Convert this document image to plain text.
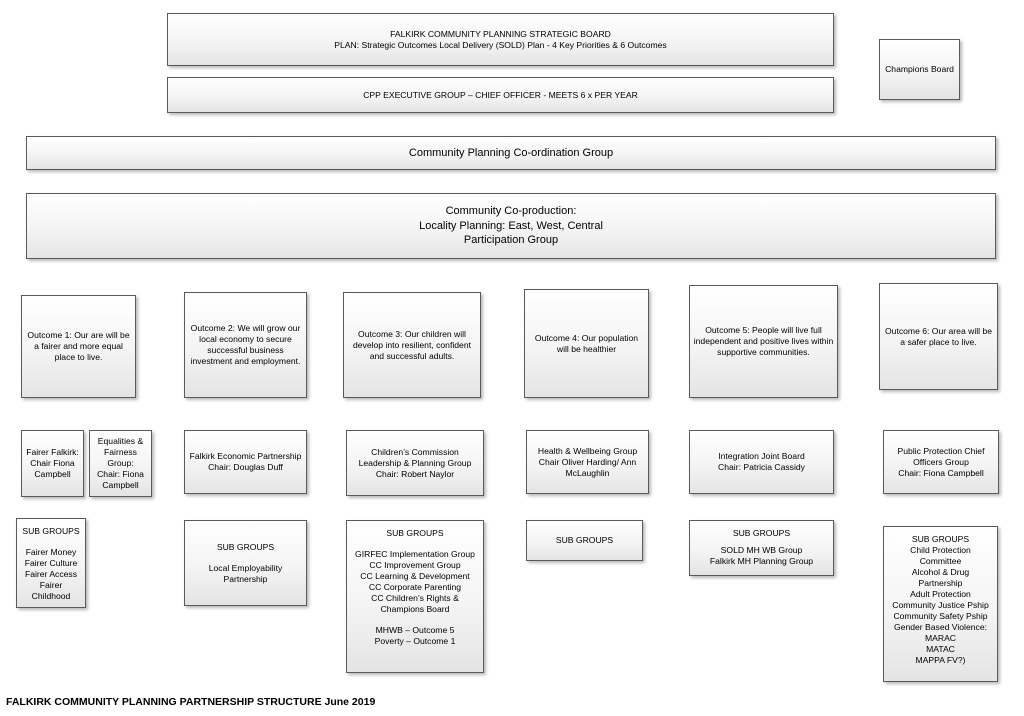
FALKIRK COMMUNITY PLANNING STRATEGIC BOARD
PLAN: Strategic Outcomes Local Delivery (SOLD) Plan - 4 Key Priorities & 6 Outcomes
Champions Board
CPP EXECUTIVE GROUP – CHIEF OFFICER - MEETS 6 x PER YEAR
Community Planning Co-ordination Group
Community Co-production:
Locality Planning: East, West, Central
Participation Group
Outcome 1: Our are will be a fairer and more equal place to live.
Outcome 2: We will grow our local economy to secure successful business investment and employment.
Outcome 3: Our children will develop into resilient, confident and successful adults.
Outcome 4: Our population will be healthier
Outcome 5: People will live full independent and positive lives within supportive communities.
Outcome 6: Our area will be a safer place to live.
Fairer Falkirk:
Chair Fiona
Campbell
Equalities &
Fairness
Group:
Chair: Fiona
Campbell
Falkirk Economic Partnership
Chair: Douglas Duff
Children’s Commission
Leadership & Planning Group
Chair: Robert Naylor
Health & Wellbeing Group
Chair Oliver Harding/ Ann
McLaughlin
Integration Joint Board
Chair: Patricia Cassidy
Public Protection Chief
Officers Group
Chair: Fiona Campbell
SUB GROUPS
Fairer Money
Fairer Culture
Fairer Access
Fairer Childhood
SUB GROUPS
Local Employability
Partnership
SUB GROUPS
GIRFEC Implementation Group
CC Improvement Group
CC Learning & Development
CC Corporate Parenting
CC Children’s Rights &
Champions Board
MHWB – Outcome 5
Poverty – Outcome 1
SUB GROUPS
SUB GROUPS
SOLD MH WB Group
Falkirk MH Planning Group
SUB GROUPS
Child Protection
Committee
Alcohol & Drug
Partnership
Adult Protection
Community Justice Pship
Community Safety Pship
Gender Based Violence:
MARAC
MATAC
MAPPA FV?)
FALKIRK COMMUNITY PLANNING PARTNERSHIP STRUCTURE June 2019
